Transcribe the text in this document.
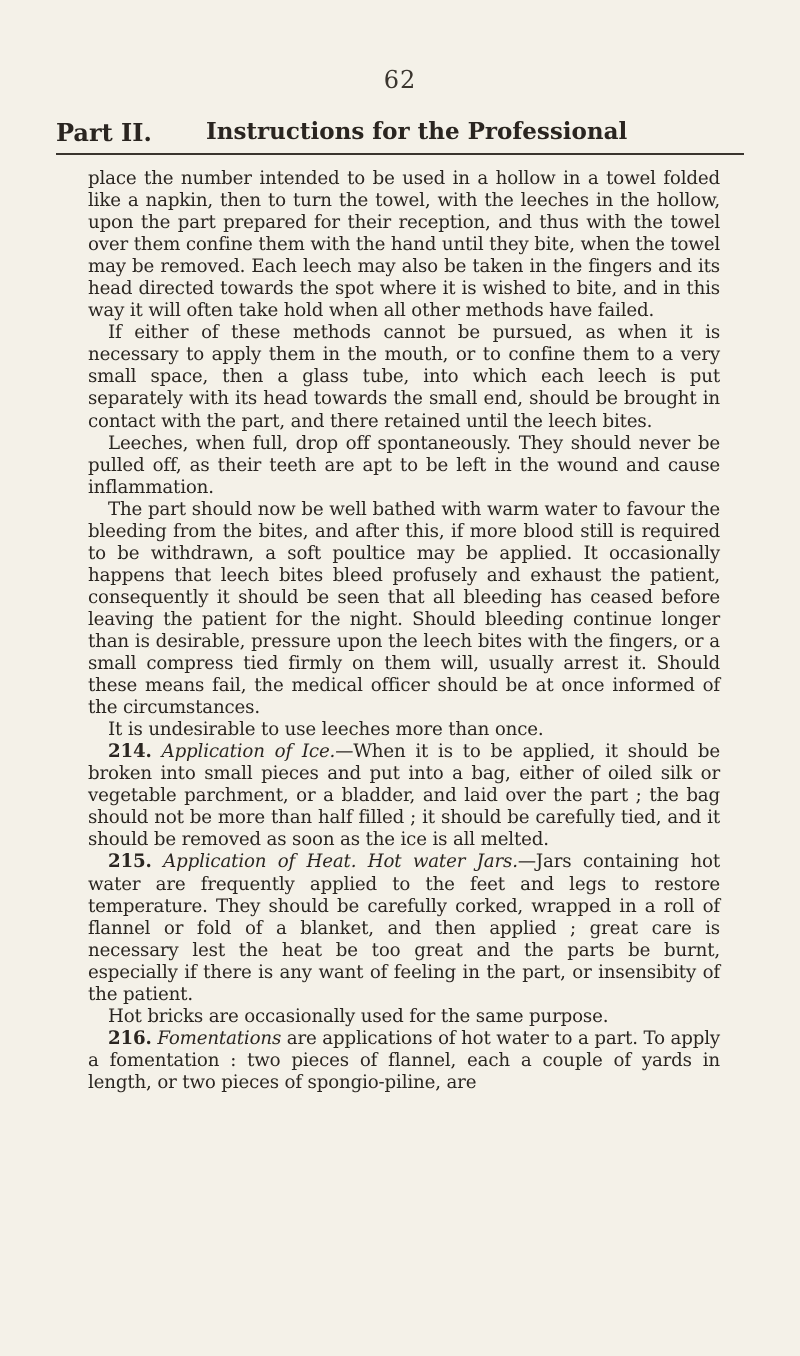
62
Part II. Instructions for the Professional

place the number intended to be used in a hollow in a towel folded like a napkin, then to turn the towel, with the leeches in the hollow, upon the part prepared for their reception, and thus with the towel over them confine them with the hand until they bite, when the towel may be removed. Each leech may also be taken in the fingers and its head directed towards the spot where it is wished to bite, and in this way it will often take hold when all other methods have failed.

If either of these methods cannot be pursued, as when it is necessary to apply them in the mouth, or to confine them to a very small space, then a glass tube, into which each leech is put separately with its head towards the small end, should be brought in contact with the part, and there retained until the leech bites.

Leeches, when full, drop off spontaneously. They should never be pulled off, as their teeth are apt to be left in the wound and cause inflammation.

The part should now be well bathed with warm water to favour the bleeding from the bites, and after this, if more blood still is required to be withdrawn, a soft poultice may be applied. It occasionally happens that leech bites bleed profusely and exhaust the patient, consequently it should be seen that all bleeding has ceased before leaving the patient for the night. Should bleeding continue longer than is desirable, pressure upon the leech bites with the fingers, or a small compress tied firmly on them will, usually arrest it. Should these means fail, the medical officer should be at once informed of the circumstances.

It is undesirable to use leeches more than once.

214. Application of Ice.—When it is to be applied, it should be broken into small pieces and put into a bag, either of oiled silk or vegetable parchment, or a bladder, and laid over the part ; the bag should not be more than half filled ; it should be carefully tied, and it should be removed as soon as the ice is all melted.

215. Application of Heat. Hot water Jars.—Jars containing hot water are frequently applied to the feet and legs to restore temperature. They should be carefully corked, wrapped in a roll of flannel or fold of a blanket, and then applied ; great care is necessary lest the heat be too great and the parts be burnt, especially if there is any want of feeling in the part, or insensibity of the patient.

Hot bricks are occasionally used for the same purpose.

216. Fomentations are applications of hot water to a part. To apply a fomentation : two pieces of flannel, each a couple of yards in length, or two pieces of spongio-piline, are
